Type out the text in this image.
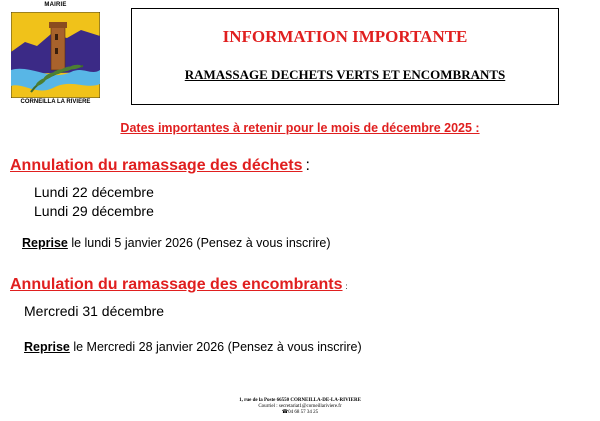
MAIRIE
CORNEILLA LA RIVIERE
INFORMATION IMPORTANTE
RAMASSAGE DECHETS VERTS ET ENCOMBRANTS
Dates importantes à retenir pour le mois de décembre 2025 :
Annulation du ramassage des déchets :
Lundi 22 décembre
Lundi 29 décembre
Reprise le lundi 5 janvier 2026 (Pensez à vous inscrire)
Annulation du ramassage des encombrants :
Mercredi 31 décembre
Reprise le Mercredi 28 janvier 2026 (Pensez à vous inscrire)
1, rue de la Poste 66550 CORNEILLA-DE-LA-RIVIERE
Courriel : secretariat1@corneillariviere.fr
☎04 68 57 34 25
